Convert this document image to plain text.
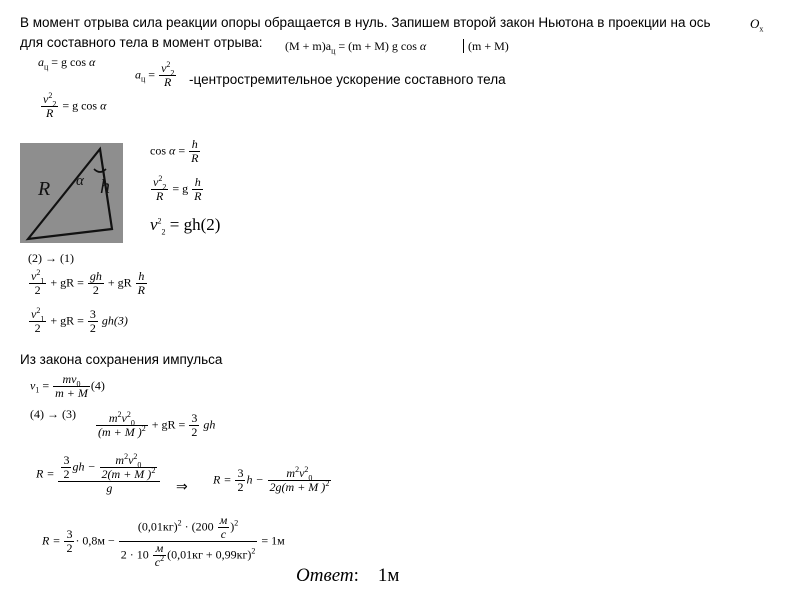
В момент отрыва сила реакции опоры обращается в нуль. Запишем второй закон Ньютона в проекции на ось	$O_x$
для составного тела в момент отрыва: $(M + m)a_ц = (m + M)$ g cos α	(m + M)
$a_ц = g$ cos α
$a_ц = \frac{v^2_2}{R}$ -центростремительное ускорение составного тела
$\frac{v^2_2}{R} = g$ cos α
R α h
$\cos \alpha = \frac{h}{R}$
$\frac{v^2_2}{R} = g \frac{h}{R}$
$v^2_2 = gh(2)$
(2) → (1)
$\frac{v^2_1}{2}$ + gR = $\frac{gh}{2}$ + gR $\frac{h}{R}$
$\frac{v^2_1}{2}$ + gR = $\frac{3}{2} gh(3)$
Из закона сохранения импульса
$v_1 = \frac{mv_0}{m + M} (4)$
$(4) \to (3) \frac{m^2v^2_0}{(m + M )^2}$ + gR = $\frac{3}{2}$ gh
$R = \frac{\frac{3}{2} gh - \frac{m^2v^2_0}{2(m + M )^2}}{g}$ ⇒
$R = \frac{3}{2}$ $h - \frac{m^2v^2_0}{2g(m + M )^2}$
$R = \frac{3}{2} \cdot 0,8м - \frac{(0,01кг)^2 \cdot (200 \frac{м}{с} )^2}{2 \cdot 10 \frac{м}{с^2} (0,01кг + 0,99кг)^2} = 1м$
Ответ: 1м
